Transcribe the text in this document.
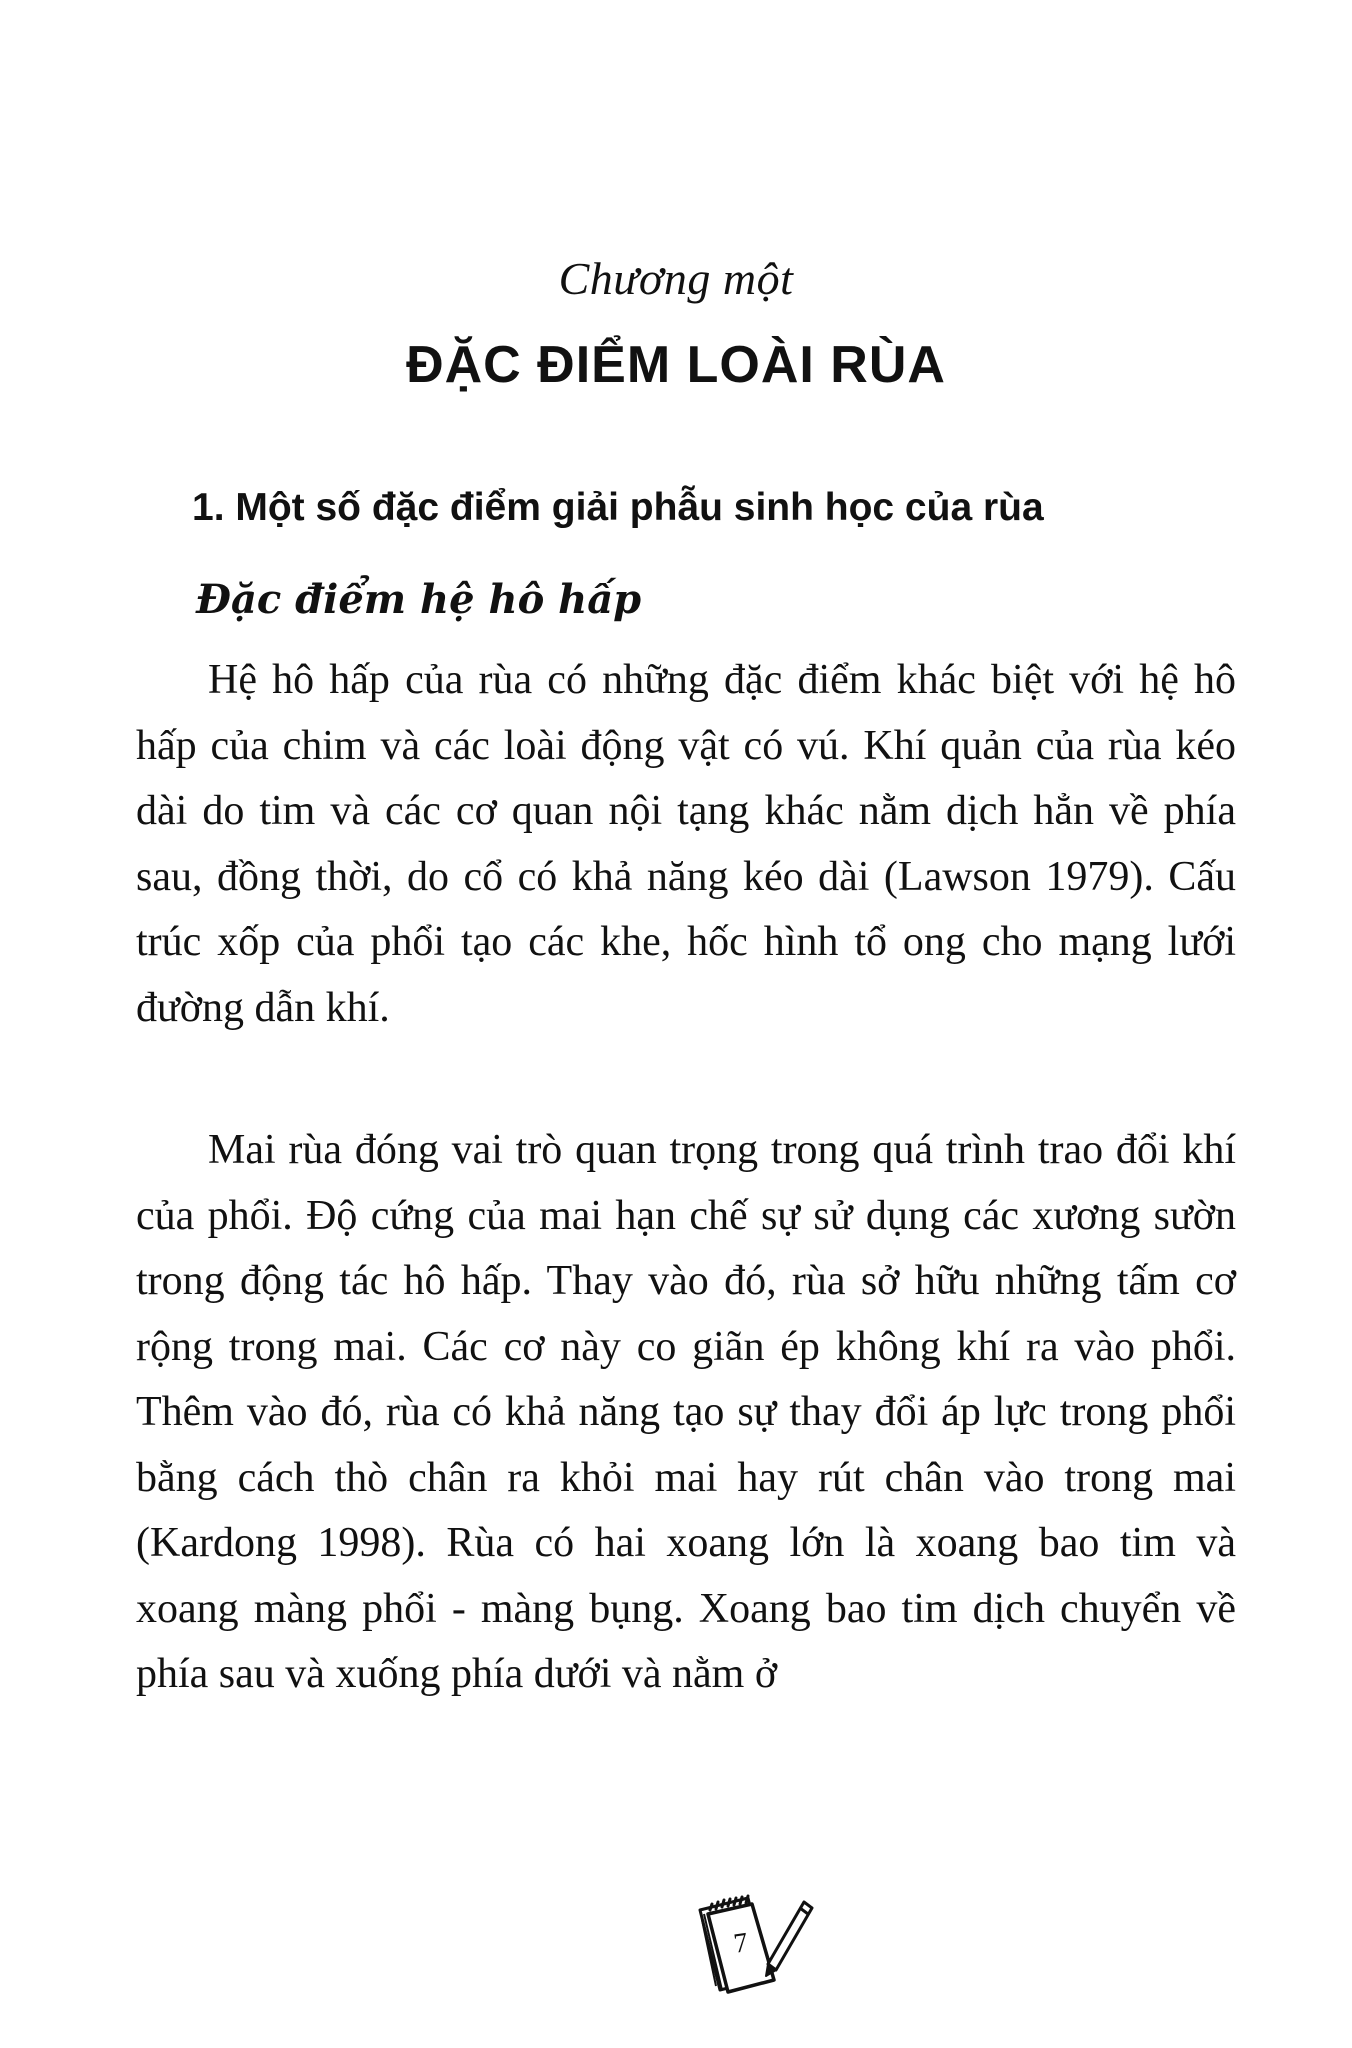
Chương một
ĐẶC ĐIỂM LOÀI RÙA
1. Một số đặc điểm giải phẫu sinh học của rùa
Đặc điểm hệ hô hấp

Hệ hô hấp của rùa có những đặc điểm khác biệt với hệ hô hấp của chim và các loài động vật có vú. Khí quản của rùa kéo dài do tim và các cơ quan nội tạng khác nằm dịch hẳn về phía sau, đồng thời, do cổ có khả năng kéo dài (Lawson 1979). Cấu trúc xốp của phổi tạo các khe, hốc hình tổ ong cho mạng lưới đường dẫn khí.

Mai rùa đóng vai trò quan trọng trong quá trình trao đổi khí của phổi. Độ cứng của mai hạn chế sự sử dụng các xương sườn trong động tác hô hấp. Thay vào đó, rùa sở hữu những tấm cơ rộng trong mai. Các cơ này co giãn ép không khí ra vào phổi. Thêm vào đó, rùa có khả năng tạo sự thay đổi áp lực trong phổi bằng cách thò chân ra khỏi mai hay rút chân vào trong mai (Kardong 1998). Rùa có hai xoang lớn là xoang bao tim và xoang màng phổi - màng bụng. Xoang bao tim dịch chuyển về phía sau và xuống phía dưới và nằm ở

7
